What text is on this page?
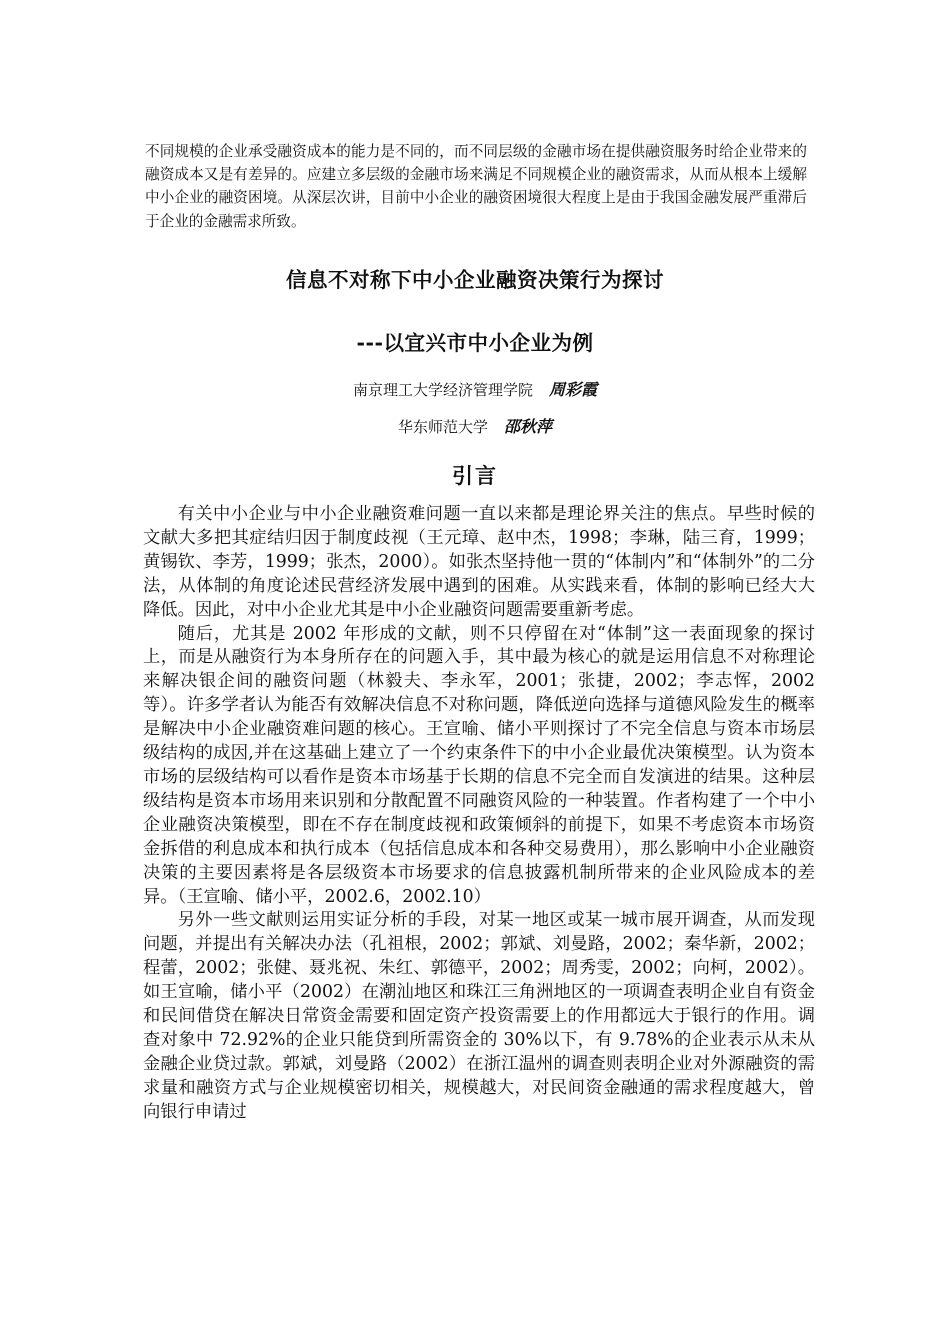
不同规模的企业承受融资成本的能力是不同的，而不同层级的金融市场在提供融资服务时给企业带来的融资成本又是有差异的。应建立多层级的金融市场来满足不同规模企业的融资需求，从而从根本上缓解中小企业的融资困境。从深层次讲，目前中小企业的融资困境很大程度上是由于我国金融发展严重滞后于企业的金融需求所致。

信息不对称下中小企业融资决策行为探讨
---以宜兴市中小企业为例
南京理工大学经济管理学院 周彩霞
华东师范大学 邵秋萍
引言

有关中小企业与中小企业融资难问题一直以来都是理论界关注的焦点。早些时候的文献大多把其症结归因于制度歧视（王元璋、赵中杰，1998；李琳，陆三育，1999；黄锡钦、李芳，1999；张杰，2000）。如张杰坚持他一贯的“体制内”和“体制外”的二分法，从体制的角度论述民营经济发展中遇到的困难。从实践来看，体制的影响已经大大降低。因此，对中小企业尤其是中小企业融资问题需要重新考虑。

随后，尤其是 2002 年形成的文献，则不只停留在对“体制”这一表面现象的探讨上，而是从融资行为本身所存在的问题入手，其中最为核心的就是运用信息不对称理论来解决银企间的融资问题（林毅夫、李永军，2001；张捷，2002；李志恽，2002 等）。许多学者认为能否有效解决信息不对称问题，降低逆向选择与道德风险发生的概率是解决中小企业融资难问题的核心。王宣喻、储小平则探讨了不完全信息与资本市场层级结构的成因,并在这基础上建立了一个约束条件下的中小企业最优决策模型。认为资本市场的层级结构可以看作是资本市场基于长期的信息不完全而自发演进的结果。这种层级结构是资本市场用来识别和分散配置不同融资风险的一种装置。作者构建了一个中小企业融资决策模型，即在不存在制度歧视和政策倾斜的前提下，如果不考虑资本市场资金拆借的利息成本和执行成本（包括信息成本和各种交易费用），那么影响中小企业融资决策的主要因素将是各层级资本市场要求的信息披露机制所带来的企业风险成本的差异。（王宣喻、储小平，2002.6，2002.10）

另外一些文献则运用实证分析的手段，对某一地区或某一城市展开调查，从而发现问题，并提出有关解决办法（孔祖根，2002；郭斌、刘曼路，2002；秦华新，2002；程蕾，2002；张健、聂兆祝、朱红、郭德平，2002；周秀雯，2002；向柯，2002）。如王宣喻，储小平（2002）在潮汕地区和珠江三角洲地区的一项调查表明企业自有资金和民间借贷在解决日常资金需要和固定资产投资需要上的作用都远大于银行的作用。调查对象中 72.92%的企业只能贷到所需资金的 30%以下，有 9.78%的企业表示从未从金融企业贷过款。郭斌，刘曼路（2002）在浙江温州的调查则表明企业对外源融资的需求量和融资方式与企业规模密切相关，规模越大，对民间资金融通的需求程度越大，曾向银行申请过
